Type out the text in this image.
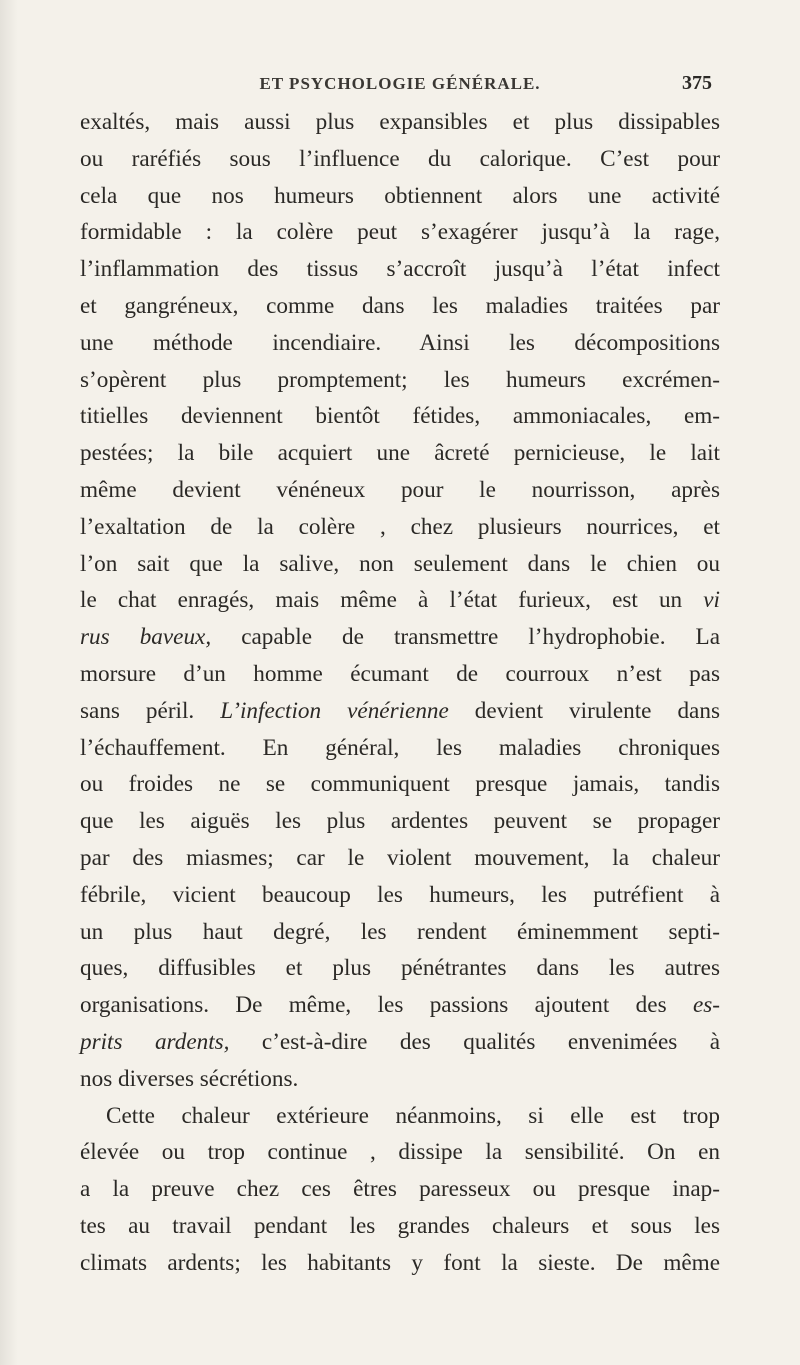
ET PSYCHOLOGIE GÉNÉRALE.	375
exaltés, mais aussi plus expansibles et plus dissipables
ou raréfiés sous l’influence du calorique. C’est pour
cela que nos humeurs obtiennent alors une activité
formidable : la colère peut s’exagérer jusqu’à la rage,
l’inflammation des tissus s’accroît jusqu’à l’état infect
et gangréneux, comme dans les maladies traitées par
une méthode incendiaire. Ainsi les décompositions
s’opèrent plus promptement; les humeurs excrémen-
titielles deviennent bientôt fétides, ammoniacales, em-
pestées; la bile acquiert une âcreté pernicieuse, le lait
même devient vénéneux pour le nourrisson, après
l’exaltation de la colère , chez plusieurs nourrices, et
l’on sait que la salive, non seulement dans le chien ou
le chat enragés, mais même à l’état furieux, est un vi
rus baveux, capable de transmettre l’hydrophobie. La
morsure d’un homme écumant de courroux n’est pas
sans péril. L’infection vénérienne devient virulente dans
l’échauffement. En général, les maladies chroniques
ou froides ne se communiquent presque jamais, tandis
que les aiguës les plus ardentes peuvent se propager
par des miasmes; car le violent mouvement, la chaleur
fébrile, vicient beaucoup les humeurs, les putréfient à
un plus haut degré, les rendent éminemment septi-
ques, diffusibles et plus pénétrantes dans les autres
organisations. De même, les passions ajoutent des es-
prits ardents, c’est-à-dire des qualités envenimées à
nos diverses sécrétions.
Cette chaleur extérieure néanmoins, si elle est trop
élevée ou trop continue , dissipe la sensibilité. On en
a la preuve chez ces êtres paresseux ou presque inap-
tes au travail pendant les grandes chaleurs et sous les
climats ardents; les habitants y font la sieste. De même
